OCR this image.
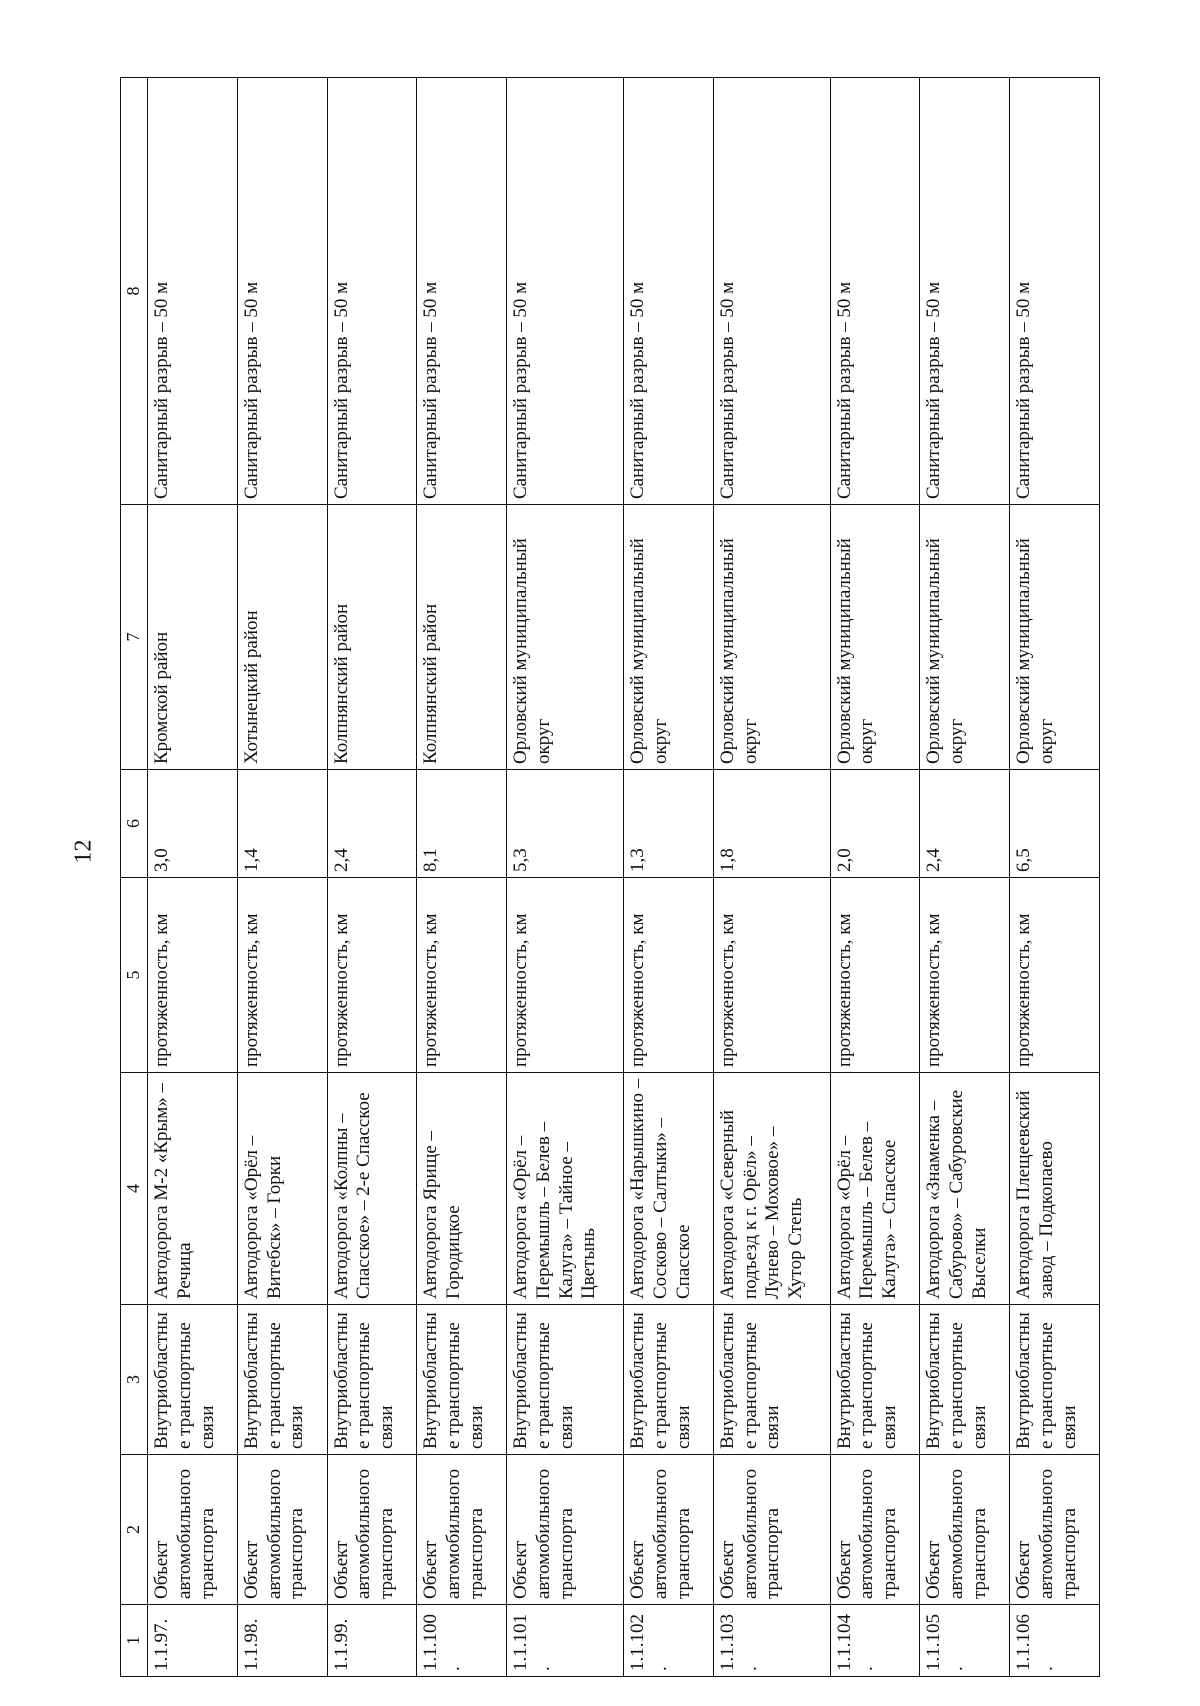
12
1	2	3	4	5	6	7	8
1.1.97.	Объект автомобильного транспорта	Внутриобластные транспортные связи	Автодорога М-2 «Крым» – Речица	протяженность, км	3,0	Кромской район	Санитарный разрыв – 50 м
1.1.98.	Объект автомобильного транспорта	Внутриобластные транспортные связи	Автодорога «Орёл – Витебск» – Горки	протяженность, км	1,4	Хотынецкий район	Санитарный разрыв – 50 м
1.1.99.	Объект автомобильного транспорта	Внутриобластные транспортные связи	Автодорога «Колпны – Спасское» – 2-е Спасское	протяженность, км	2,4	Колпнянский район	Санитарный разрыв – 50 м
1.1.100.	Объект автомобильного транспорта	Внутриобластные транспортные связи	Автодорога Ярище – Городицкое	протяженность, км	8,1	Колпнянский район	Санитарный разрыв – 50 м
1.1.101.	Объект автомобильного транспорта	Внутриобластные транспортные связи	Автодорога «Орёл – Перемышль – Белев – Калуга» – Тайное – Цветынь	протяженность, км	5,3	Орловский муниципальный округ	Санитарный разрыв – 50 м
1.1.102.	Объект автомобильного транспорта	Внутриобластные транспортные связи	Автодорога «Нарышкино – Сосково – Салтыки» – Спасское	протяженность, км	1,3	Орловский муниципальный округ	Санитарный разрыв – 50 м
1.1.103.	Объект автомобильного транспорта	Внутриобластные транспортные связи	Автодорога «Северный подъезд к г. Орёл» – Лунево – Моховое» – Хутор Степь	протяженность, км	1,8	Орловский муниципальный округ	Санитарный разрыв – 50 м
1.1.104.	Объект автомобильного транспорта	Внутриобластные транспортные связи	Автодорога «Орёл – Перемышль – Белев – Калуга» – Спасское	протяженность, км	2,0	Орловский муниципальный округ	Санитарный разрыв – 50 м
1.1.105.	Объект автомобильного транспорта	Внутриобластные транспортные связи	Автодорога «Знаменка – Сабурово» – Сабуровские Выселки	протяженность, км	2,4	Орловский муниципальный округ	Санитарный разрыв – 50 м
1.1.106.	Объект автомобильного транспорта	Внутриобластные транспортные связи	Автодорога Плещеевский завод – Подкопаево	протяженность, км	6,5	Орловский муниципальный округ	Санитарный разрыв – 50 м
